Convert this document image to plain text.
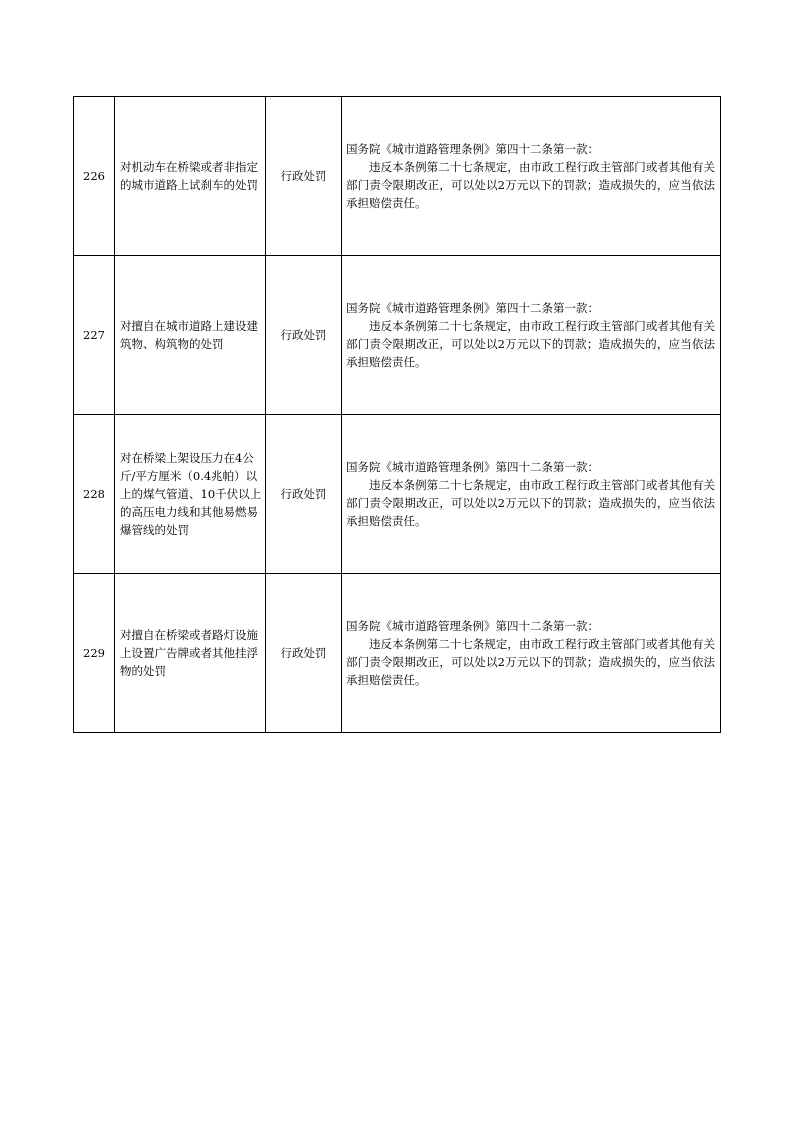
226	对机动车在桥梁或者非指定的城市道路上试刹车的处罚	行政处罚	国务院《城市道路管理条例》第四十二条第一款：
违反本条例第二十七条规定，由市政工程行政主管部门或者其他有关部门责令限期改正，可以处以2万元以下的罚款；造成损失的，应当依法承担赔偿责任。

227	对擅自在城市道路上建设建筑物、构筑物的处罚	行政处罚	国务院《城市道路管理条例》第四十二条第一款：
违反本条例第二十七条规定，由市政工程行政主管部门或者其他有关部门责令限期改正，可以处以2万元以下的罚款；造成损失的，应当依法承担赔偿责任。

228	对在桥梁上架设压力在4公斤/平方厘米（0.4兆帕）以上的煤气管道、10千伏以上的高压电力线和其他易燃易爆管线的处罚	行政处罚	国务院《城市道路管理条例》第四十二条第一款：
违反本条例第二十七条规定，由市政工程行政主管部门或者其他有关部门责令限期改正，可以处以2万元以下的罚款；造成损失的，应当依法承担赔偿责任。

229	对擅自在桥梁或者路灯设施上设置广告牌或者其他挂浮物的处罚	行政处罚	国务院《城市道路管理条例》第四十二条第一款：
违反本条例第二十七条规定，由市政工程行政主管部门或者其他有关部门责令限期改正，可以处以2万元以下的罚款；造成损失的，应当依法承担赔偿责任。
